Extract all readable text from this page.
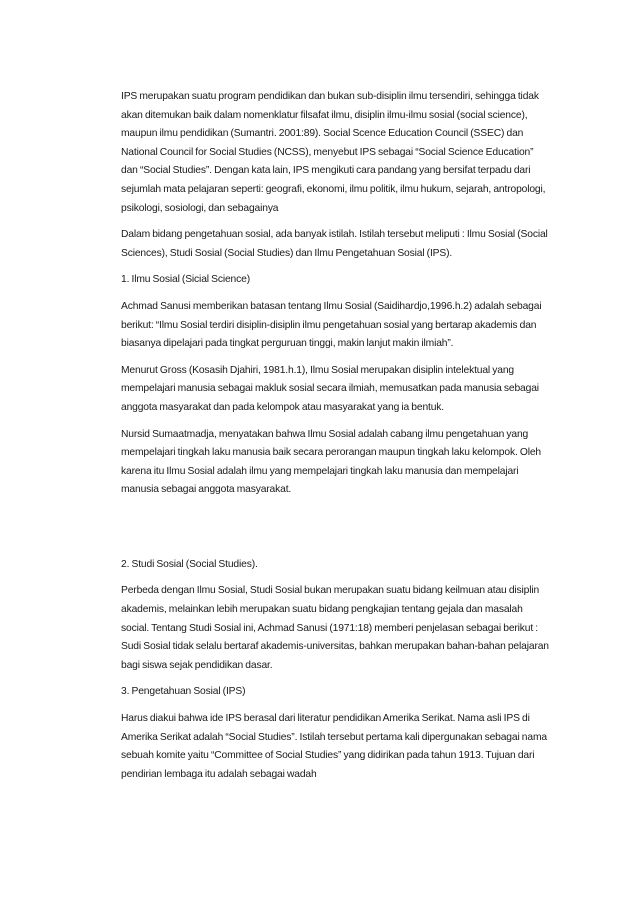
IPS merupakan suatu program pendidikan dan bukan sub-disiplin ilmu tersendiri, sehingga tidak akan ditemukan baik dalam nomenklatur filsafat ilmu, disiplin ilmu-ilmu sosial (social science), maupun ilmu pendidikan (Sumantri. 2001:89). Social Scence Education Council (SSEC) dan National Council for Social Studies (NCSS), menyebut IPS sebagai “Social Science Education” dan “Social Studies”. Dengan kata lain, IPS mengikuti cara pandang yang bersifat terpadu dari sejumlah mata pelajaran seperti: geografi, ekonomi, ilmu politik, ilmu hukum, sejarah, antropologi, psikologi, sosiologi, dan sebagainya

Dalam bidang pengetahuan sosial, ada banyak istilah. Istilah tersebut meliputi : Ilmu Sosial (Social Sciences), Studi Sosial (Social Studies) dan Ilmu Pengetahuan Sosial (IPS).

1. Ilmu Sosial (Sicial Science)

Achmad Sanusi memberikan batasan tentang Ilmu Sosial (Saidihardjo,1996.h.2) adalah sebagai berikut: “Ilmu Sosial terdiri disiplin-disiplin ilmu pengetahuan sosial yang bertarap akademis dan biasanya dipelajari pada tingkat perguruan tinggi, makin lanjut makin ilmiah”.

Menurut Gross (Kosasih Djahiri, 1981.h.1), Ilmu Sosial merupakan disiplin intelektual yang mempelajari manusia sebagai makluk sosial secara ilmiah, memusatkan pada manusia sebagai anggota masyarakat dan pada kelompok atau masyarakat yang ia bentuk.

Nursid Sumaatmadja, menyatakan bahwa Ilmu Sosial adalah cabang ilmu pengetahuan yang mempelajari tingkah laku manusia baik secara perorangan maupun tingkah laku kelompok. Oleh karena itu Ilmu Sosial adalah ilmu yang mempelajari tingkah laku manusia dan mempelajari manusia sebagai anggota masyarakat.

2. Studi Sosial (Social Studies).

Perbeda dengan Ilmu Sosial, Studi Sosial bukan merupakan suatu bidang keilmuan atau disiplin akademis, melainkan lebih merupakan suatu bidang pengkajian tentang gejala dan masalah social. Tentang Studi Sosial ini, Achmad Sanusi (1971:18) memberi penjelasan sebagai berikut : Sudi Sosial tidak selalu bertaraf akademis-universitas, bahkan merupakan bahan-bahan pelajaran bagi siswa sejak pendidikan dasar.

3. Pengetahuan Sosial (IPS)

Harus diakui bahwa ide IPS berasal dari literatur pendidikan Amerika Serikat. Nama asli IPS di Amerika Serikat adalah “Social Studies”. Istilah tersebut pertama kali dipergunakan sebagai nama sebuah komite yaitu “Committee of Social Studies” yang didirikan pada tahun 1913. Tujuan dari pendirian lembaga itu adalah sebagai wadah
